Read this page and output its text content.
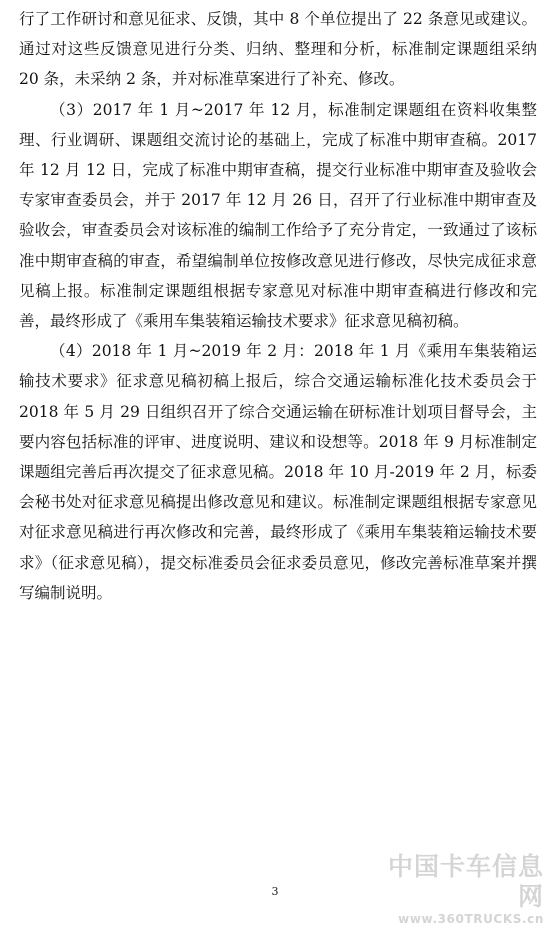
行了工作研讨和意见征求、反馈，其中 8 个单位提出了 22 条意见或建议。通过对这些反馈意见进行分类、归纳、整理和分析，标准制定课题组采纳 20 条，未采纳 2 条，并对标准草案进行了补充、修改。

（3）2017 年 1 月~2017 年 12 月，标准制定课题组在资料收集整理、行业调研、课题组交流讨论的基础上，完成了标准中期审查稿。2017 年 12 月 12 日，完成了标准中期审查稿，提交行业标准中期审查及验收会专家审查委员会，并于 2017 年 12 月 26 日，召开了行业标准中期审查及验收会，审查委员会对该标准的编制工作给予了充分肯定，一致通过了该标准中期审查稿的审查，希望编制单位按修改意见进行修改，尽快完成征求意见稿上报。标准制定课题组根据专家意见对标准中期审查稿进行修改和完善，最终形成了《乘用车集装箱运输技术要求》征求意见稿初稿。

（4）2018 年 1 月~2019 年 2 月：2018 年 1 月《乘用车集装箱运输技术要求》征求意见稿初稿上报后，综合交通运输标准化技术委员会于 2018 年 5 月 29 日组织召开了综合交通运输在研标准计划项目督导会，主要内容包括标准的评审、进度说明、建议和设想等。2018 年 9 月标准制定课题组完善后再次提交了征求意见稿。2018 年 10 月-2019 年 2 月，标委会秘书处对征求意见稿提出修改意见和建议。标准制定课题组根据专家意见对征求意见稿进行再次修改和完善，最终形成了《乘用车集装箱运输技术要求》（征求意见稿），提交标准委员会征求委员意见，修改完善标准草案并撰写编制说明。

中国卡车信息网
www.360TRUCKS.cn
3
